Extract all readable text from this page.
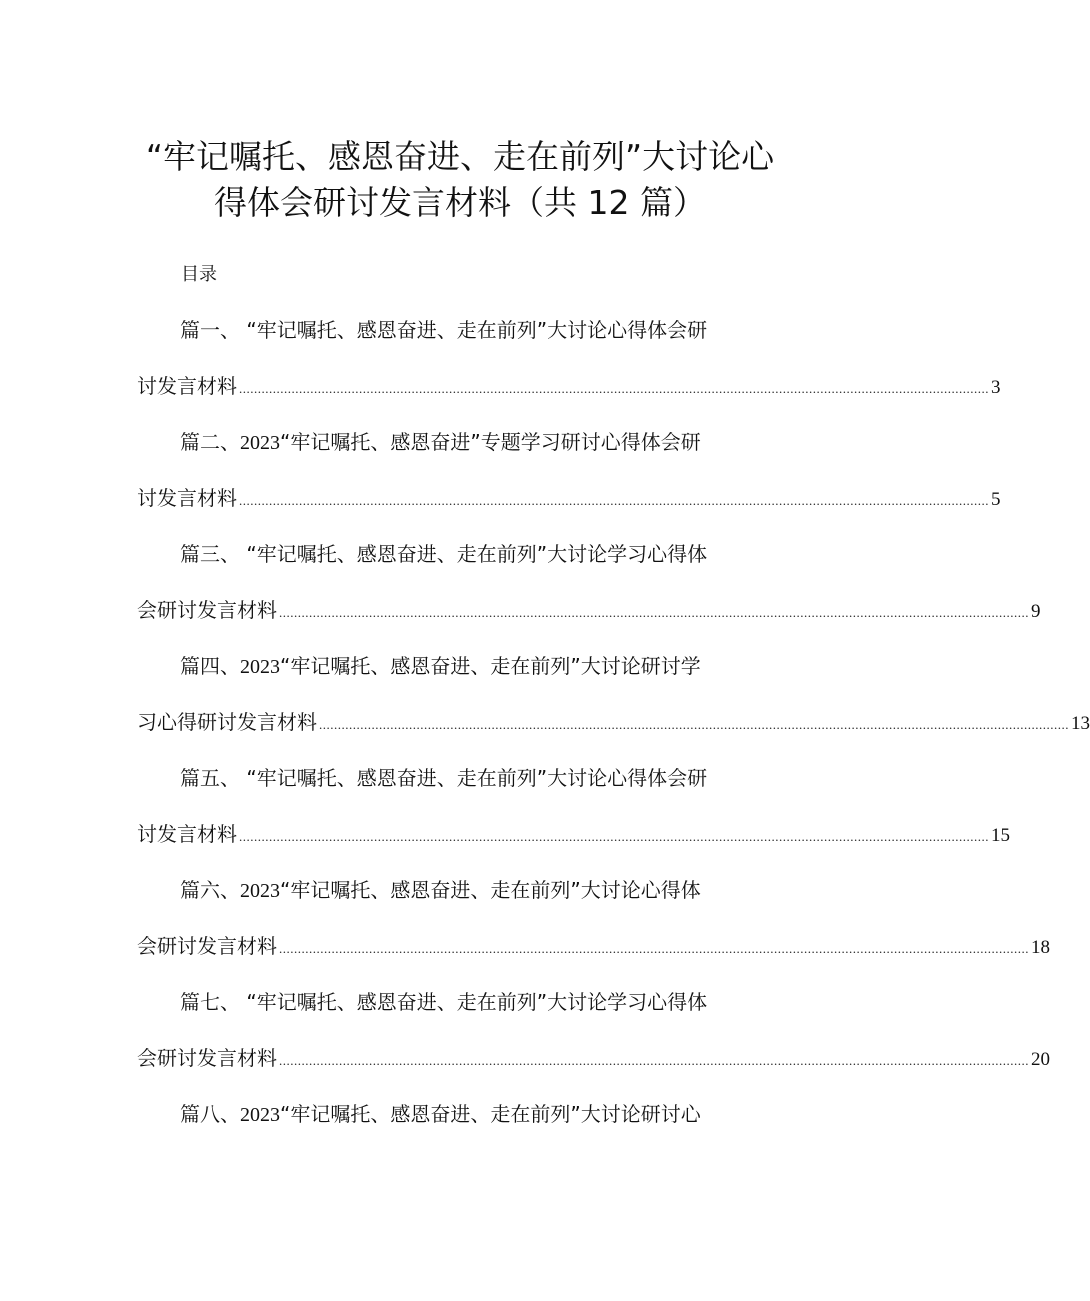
“牢记嘱托、感恩奋进、走在前列”大讨论心
得体会研讨发言材料（共 12 篇）
目录
篇一、 “牢记嘱托、感恩奋进、走在前列”大讨论心得体会研
讨发言材料 ........................................................................................................................................................................................................ 3
篇二、2023“牢记嘱托、感恩奋进”专题学习研讨心得体会研
讨发言材料 ........................................................................................................................................................................................................ 5
篇三、 “牢记嘱托、感恩奋进、走在前列”大讨论学习心得体
会研讨发言材料 ........................................................................................................................................................................................................ 9
篇四、2023“牢记嘱托、感恩奋进、走在前列”大讨论研讨学
习心得研讨发言材料 ........................................................................................................................................................................................................ 13
篇五、 “牢记嘱托、感恩奋进、走在前列”大讨论心得体会研
讨发言材料 ........................................................................................................................................................................................................ 15
篇六、2023“牢记嘱托、感恩奋进、走在前列”大讨论心得体
会研讨发言材料 ........................................................................................................................................................................................................ 18
篇七、 “牢记嘱托、感恩奋进、走在前列”大讨论学习心得体
会研讨发言材料 ........................................................................................................................................................................................................ 20
篇八、2023“牢记嘱托、感恩奋进、走在前列”大讨论研讨心
